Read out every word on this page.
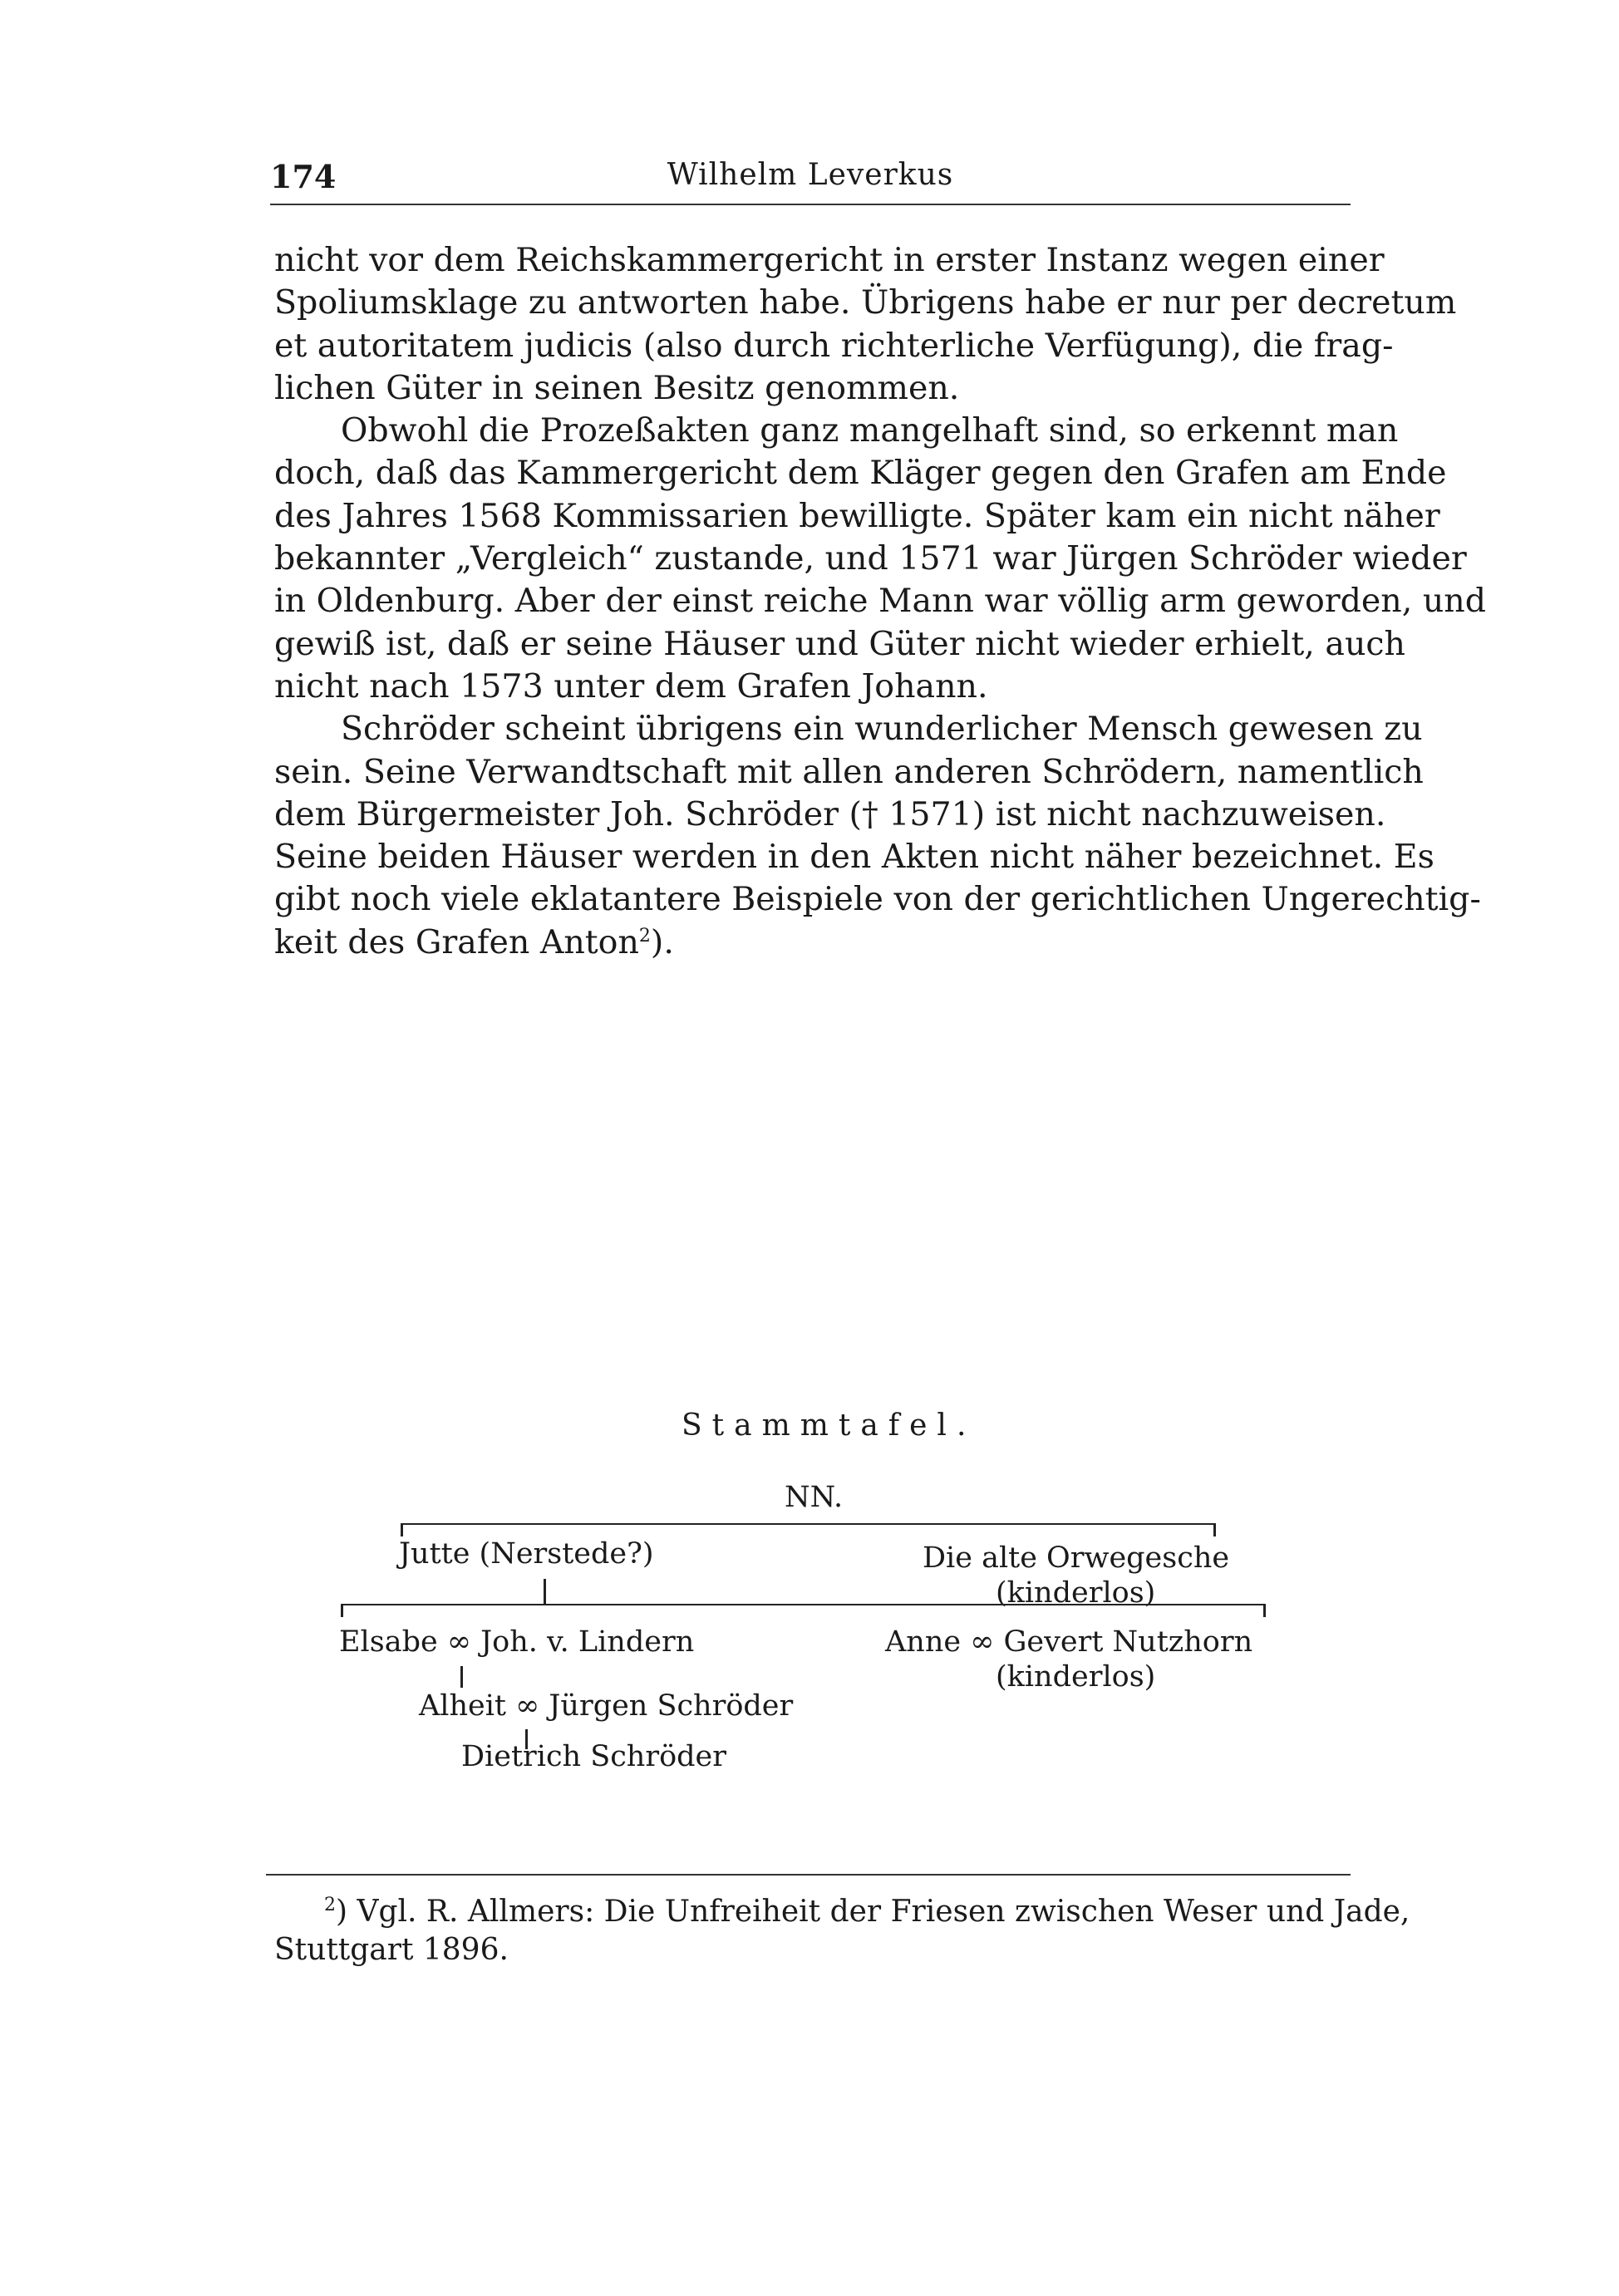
174	Wilhelm Leverkus
nicht vor dem Reichskammergericht in erster Instanz wegen einer
Spoliumsklage zu antworten habe. Übrigens habe er nur per decretum
et autoritatem judicis (also durch richterliche Verfügung), die frag-
lichen Güter in seinen Besitz genommen.
Obwohl die Prozeßakten ganz mangelhaft sind, so erkennt man
doch, daß das Kammergericht dem Kläger gegen den Grafen am Ende
des Jahres 1568 Kommissarien bewilligte. Später kam ein nicht näher
bekannter „Vergleich“ zustande, und 1571 war Jürgen Schröder wieder
in Oldenburg. Aber der einst reiche Mann war völlig arm geworden, und
gewiß ist, daß er seine Häuser und Güter nicht wieder erhielt, auch
nicht nach 1573 unter dem Grafen Johann.
Schröder scheint übrigens ein wunderlicher Mensch gewesen zu
sein. Seine Verwandtschaft mit allen anderen Schrödern, namentlich
dem Bürgermeister Joh. Schröder († 1571) ist nicht nachzuweisen.
Seine beiden Häuser werden in den Akten nicht näher bezeichnet. Es
gibt noch viele eklatantere Beispiele von der gerichtlichen Ungerechtig-
keit des Grafen Anton$^2$).
Stammtafel.
NN.
Jutte (Nerstede?)	Die alte Orwegesche
(kinderlos)
Elsabe ∞ Joh. v. Lindern	Anne ∞ Gevert Nutzhorn
(kinderlos)
Alheit ∞ Jürgen Schröder
Dietrich Schröder
$^2$) Vgl. R. Allmers: Die Unfreiheit der Friesen zwischen Weser und Jade,
Stuttgart 1896.
